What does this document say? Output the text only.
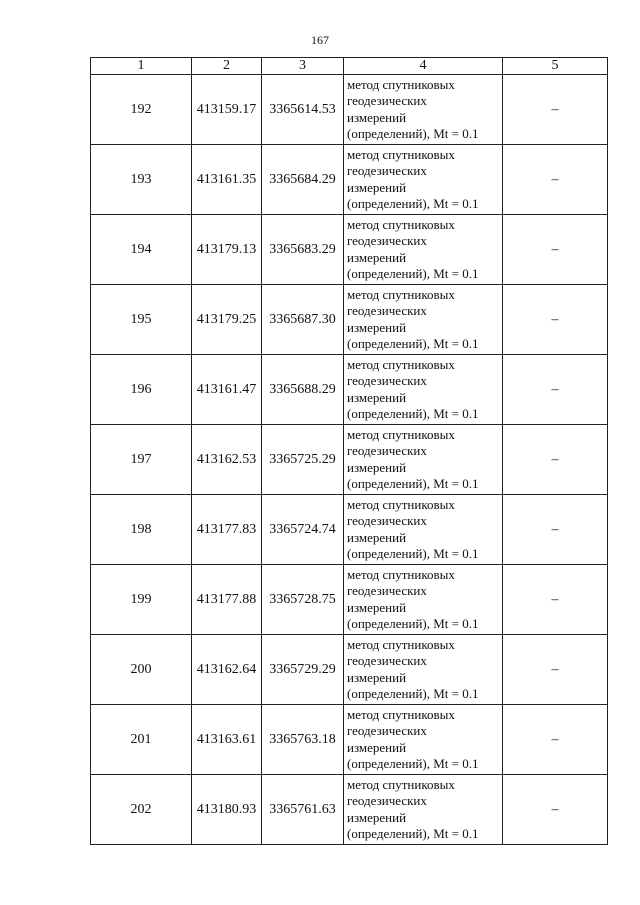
167
1	2	3	4	5
192	413159.17	3365614.53	метод спутниковых
геодезических
измерений
(определений), Mt = 0.1	–
193	413161.35	3365684.29	метод спутниковых
геодезических
измерений
(определений), Mt = 0.1	–
194	413179.13	3365683.29	метод спутниковых
геодезических
измерений
(определений), Mt = 0.1	–
195	413179.25	3365687.30	метод спутниковых
геодезических
измерений
(определений), Mt = 0.1	–
196	413161.47	3365688.29	метод спутниковых
геодезических
измерений
(определений), Mt = 0.1	–
197	413162.53	3365725.29	метод спутниковых
геодезических
измерений
(определений), Mt = 0.1	–
198	413177.83	3365724.74	метод спутниковых
геодезических
измерений
(определений), Mt = 0.1	–
199	413177.88	3365728.75	метод спутниковых
геодезических
измерений
(определений), Mt = 0.1	–
200	413162.64	3365729.29	метод спутниковых
геодезических
измерений
(определений), Mt = 0.1	–
201	413163.61	3365763.18	метод спутниковых
геодезических
измерений
(определений), Mt = 0.1	–
202	413180.93	3365761.63	метод спутниковых
геодезических
измерений
(определений), Mt = 0.1	–
